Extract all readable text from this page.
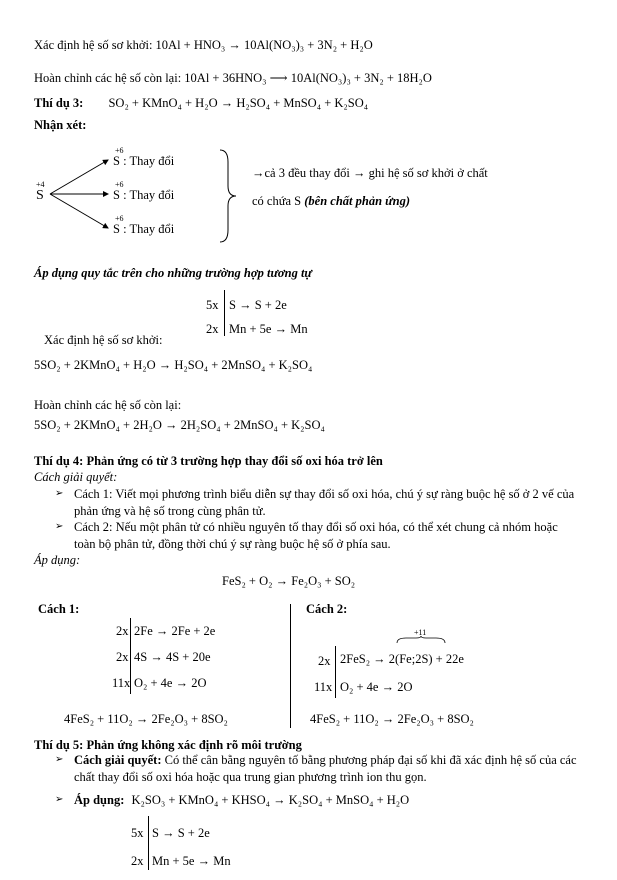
Xác định hệ số sơ khởi: 10Al + HNO₃ → 10Al(NO₃)₃ + 3N₂ + H₂O
Hoàn chỉnh các hệ số còn lại: 10Al + 36HNO₃ ⟶ 10Al(NO₃)₃ + 3N₂ + 18H₂O
Thí dụ 3: SO₂ + KMnO₄ + H₂O → H₂SO₄ + MnSO₄ + K₂SO₄
Nhận xét:
+4
S
+6
S : Thay đổi
+6
S : Thay đổi
+6
S : Thay đổi
→cả 3 đều thay đổi → ghi hệ số sơ khởi ở chất
có chứa S (bên chất phản ứng)
Áp dụng quy tắc trên cho những trường hợp tương tự
5x S → S + 2e
2x Mn + 5e → Mn
Xác định hệ số sơ khởi:
5SO₂ + 2KMnO₄ + H₂O → H₂SO₄ + 2MnSO₄ + K₂SO₄
Hoàn chỉnh các hệ số còn lại:
5SO₂ + 2KMnO₄ + 2H₂O → 2H₂SO₄ + 2MnSO₄ + K₂SO₄
Thí dụ 4: Phản ứng có từ 3 trường hợp thay đổi số oxi hóa trở lên
Cách giải quyết:
➢ Cách 1: Viết mọi phương trình biểu diễn sự thay đổi số oxi hóa, chú ý sự ràng buộc hệ số ở 2 vế của
phản ứng và hệ số trong cùng phân tử.
➢ Cách 2: Nếu một phân tử có nhiều nguyên tố thay đổi số oxi hóa, có thể xét chung cả nhóm hoặc
toàn bộ phân tử, đồng thời chú ý sự ràng buộc hệ số ở phía sau.
Áp dụng:
FeS₂ + O₂ → Fe₂O₃ + SO₂
Cách 1:	Cách 2:
2x 2Fe → 2Fe + 2e
2x 4S → 4S + 20e
11x O₂ + 4e → 2O
4FeS₂ + 11O₂ → 2Fe₂O₃ + 8SO₂
+11
2x 2FeS₂ → 2(Fe;2S) + 22e
11x O₂ + 4e → 2O
4FeS₂ + 11O₂ → 2Fe₂O₃ + 8SO₂
Thí dụ 5: Phản ứng không xác định rõ môi trường
➢ Cách giải quyết: Có thể cân bằng nguyên tố bằng phương pháp đại số khi đã xác định hệ số của các
chất thay đổi số oxi hóa hoặc qua trung gian phương trình ion thu gọn.
➢ Áp dụng: K₂SO₃ + KMnO₄ + KHSO₄ → K₂SO₄ + MnSO₄ + H₂O
5x S → S + 2e
2x Mn + 5e → Mn
